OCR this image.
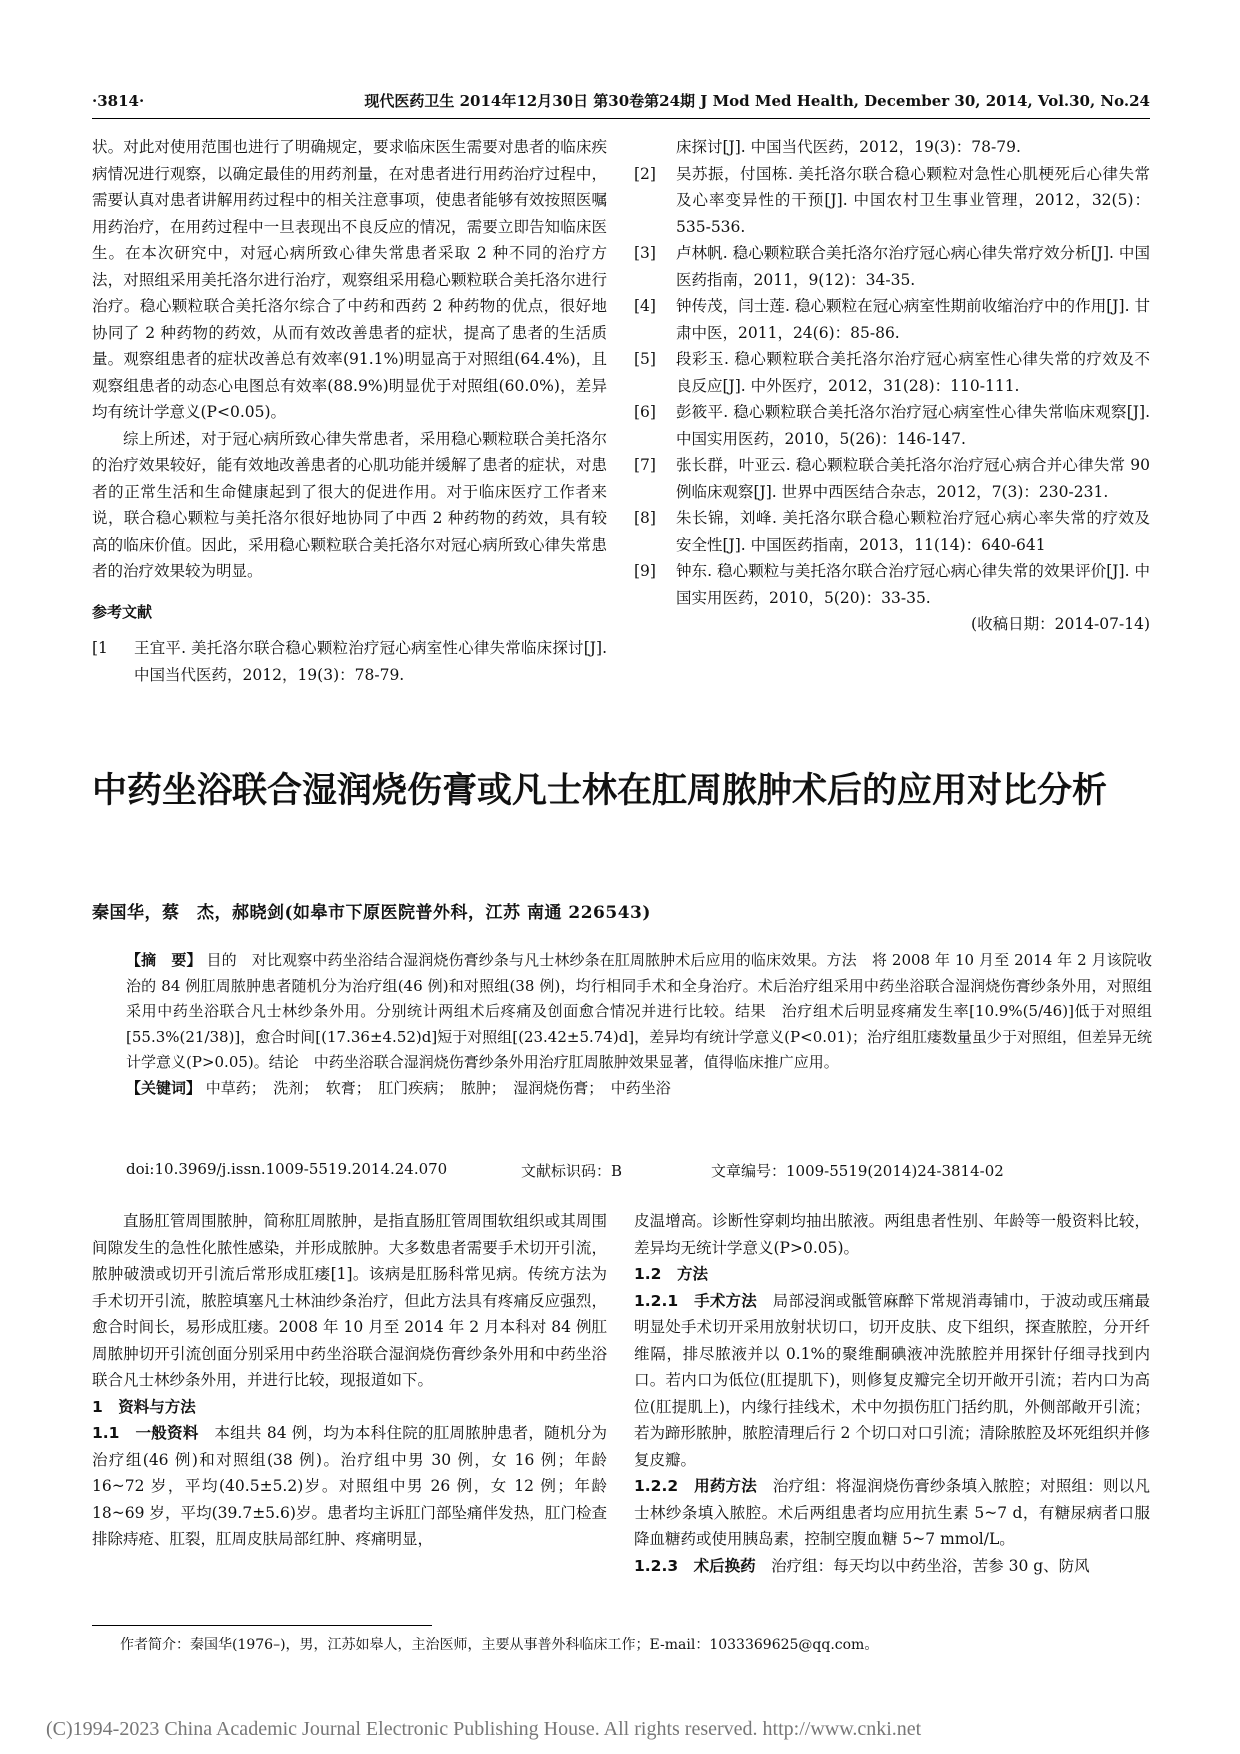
·3814·	现代医药卫生 2014年12月30日 第30卷第24期 J Mod Med Health, December 30, 2014, Vol.30, No.24

状。对此对使用范围也进行了明确规定，要求临床医生需要对患者的临床疾病情况进行观察，以确定最佳的用药剂量，在对患者进行用药治疗过程中，需要认真对患者讲解用药过程中的相关注意事项，使患者能够有效按照医嘱用药治疗，在用药过程中一旦表现出不良反应的情况，需要立即告知临床医生。在本次研究中，对冠心病所致心律失常患者采取 2 种不同的治疗方法，对照组采用美托洛尔进行治疗，观察组采用稳心颗粒联合美托洛尔进行治疗。稳心颗粒联合美托洛尔综合了中药和西药 2 种药物的优点，很好地协同了 2 种药物的药效，从而有效改善患者的症状，提高了患者的生活质量。观察组患者的症状改善总有效率(91.1%)明显高于对照组(64.4%)，且观察组患者的动态心电图总有效率(88.9%)明显优于对照组(60.0%)，差异均有统计学意义(P<0.05)。

综上所述，对于冠心病所致心律失常患者，采用稳心颗粒联合美托洛尔的治疗效果较好，能有效地改善患者的心肌功能并缓解了患者的症状，对患者的正常生活和生命健康起到了很大的促进作用。对于临床医疗工作者来说，联合稳心颗粒与美托洛尔很好地协同了中西 2 种药物的药效，具有较高的临床价值。因此，采用稳心颗粒联合美托洛尔对冠心病所致心律失常患者的治疗效果较为明显。

参考文献

[1	王宜平. 美托洛尔联合稳心颗粒治疗冠心病室性心律失常临床探讨[J]. 中国当代医药，2012，19(3)：78-79.
床探讨[J]. 中国当代医药，2012，19(3)：78-79.
[2]	吴苏振，付国栋. 美托洛尔联合稳心颗粒对急性心肌梗死后心律失常及心率变异性的干预[J]. 中国农村卫生事业管理，2012，32(5)：535-536.
[3]	卢林帆. 稳心颗粒联合美托洛尔治疗冠心病心律失常疗效分析[J]. 中国医药指南，2011，9(12)：34-35.
[4]	钟传茂，闫士莲. 稳心颗粒在冠心病室性期前收缩治疗中的作用[J]. 甘肃中医，2011，24(6)：85-86.
[5]	段彩玉. 稳心颗粒联合美托洛尔治疗冠心病室性心律失常的疗效及不良反应[J]. 中外医疗，2012，31(28)：110-111.
[6]	彭筱平. 稳心颗粒联合美托洛尔治疗冠心病室性心律失常临床观察[J]. 中国实用医药，2010，5(26)：146-147.
[7]	张长群，叶亚云. 稳心颗粒联合美托洛尔治疗冠心病合并心律失常 90 例临床观察[J]. 世界中西医结合杂志，2012，7(3)：230-231.
[8]	朱长锦，刘峰. 美托洛尔联合稳心颗粒治疗冠心病心率失常的疗效及安全性[J]. 中国医药指南，2013，11(14)：640-641
[9]	钟东. 稳心颗粒与美托洛尔联合治疗冠心病心律失常的效果评价[J]. 中国实用医药，2010，5(20)：33-35.

(收稿日期：2014-07-14)

中药坐浴联合湿润烧伤膏或凡士林在肛周脓肿术后的应用对比分析
秦国华，蔡　杰，郝晓剑(如皋市下原医院普外科，江苏 南通 226543)

【摘　要】 目的　对比观察中药坐浴结合湿润烧伤膏纱条与凡士林纱条在肛周脓肿术后应用的临床效果。方法　将 2008 年 10 月至 2014 年 2 月该院收治的 84 例肛周脓肿患者随机分为治疗组(46 例)和对照组(38 例)，均行相同手术和全身治疗。术后治疗组采用中药坐浴联合湿润烧伤膏纱条外用，对照组采用中药坐浴联合凡士林纱条外用。分别统计两组术后疼痛及创面愈合情况并进行比较。结果　治疗组术后明显疼痛发生率[10.9%(5/46)]低于对照组[55.3%(21/38)]，愈合时间[(17.36±4.52)d]短于对照组[(23.42±5.74)d]，差异均有统计学意义(P<0.01)；治疗组肛瘘数量虽少于对照组，但差异无统计学意义(P>0.05)。结论　中药坐浴联合湿润烧伤膏纱条外用治疗肛周脓肿效果显著，值得临床推广应用。

【关键词】 中草药；　洗剂；　软膏；　肛门疾病；　脓肿；　湿润烧伤膏；　中药坐浴

doi:10.3969/j.issn.1009-5519.2014.24.070	文献标识码：B	文章编号：1009-5519(2014)24-3814-02

直肠肛管周围脓肿，简称肛周脓肿，是指直肠肛管周围软组织或其周围间隙发生的急性化脓性感染，并形成脓肿。大多数患者需要手术切开引流，脓肿破溃或切开引流后常形成肛瘘[1]。该病是肛肠科常见病。传统方法为手术切开引流，脓腔填塞凡士林油纱条治疗，但此方法具有疼痛反应强烈，愈合时间长，易形成肛瘘。2008 年 10 月至 2014 年 2 月本科对 84 例肛周脓肿切开引流创面分别采用中药坐浴联合湿润烧伤膏纱条外用和中药坐浴联合凡士林纱条外用，并进行比较，现报道如下。

1　资料与方法

1.1　一般资料　 本组共 84 例，均为本科住院的肛周脓肿患者，随机分为治疗组(46 例)和对照组(38 例)。治疗组中男 30 例，女 16 例；年龄 16~72 岁，平均(40.5±5.2)岁。对照组中男 26 例，女 12 例；年龄 18~69 岁，平均(39.7±5.6)岁。患者均主诉肛门部坠痛伴发热，肛门检查排除痔疮、肛裂，肛周皮肤局部红肿、疼痛明显，

皮温增高。诊断性穿刺均抽出脓液。两组患者性别、年龄等一般资料比较，差异均无统计学意义(P>0.05)。

1.2　方法

1.2.1　手术方法　 局部浸润或骶管麻醉下常规消毒铺巾，于波动或压痛最明显处手术切开采用放射状切口，切开皮肤、皮下组织，探查脓腔，分开纤维隔，排尽脓液并以 0.1%的聚维酮碘液冲洗脓腔并用探针仔细寻找到内口。若内口为低位(肛提肌下)，则修复皮瓣完全切开敞开引流；若内口为高位(肛提肌上)，内缘行挂线术，术中勿损伤肛门括约肌，外侧部敞开引流；若为蹄形脓肿，脓腔清理后行 2 个切口对口引流；清除脓腔及坏死组织并修复皮瓣。

1.2.2　用药方法　 治疗组：将湿润烧伤膏纱条填入脓腔；对照组：则以凡士林纱条填入脓腔。术后两组患者均应用抗生素 5~7 d，有糖尿病者口服降血糖药或使用胰岛素，控制空腹血糖 5~7 mmol/L。

1.2.3　术后换药　 治疗组：每天均以中药坐浴，苦参 30 g、防风

作者简介：秦国华(1976–)，男，江苏如皋人，主治医师，主要从事普外科临床工作；E-mail：1033369625@qq.com。
(C)1994-2023 China Academic Journal Electronic Publishing House. All rights reserved. http://www.cnki.net
